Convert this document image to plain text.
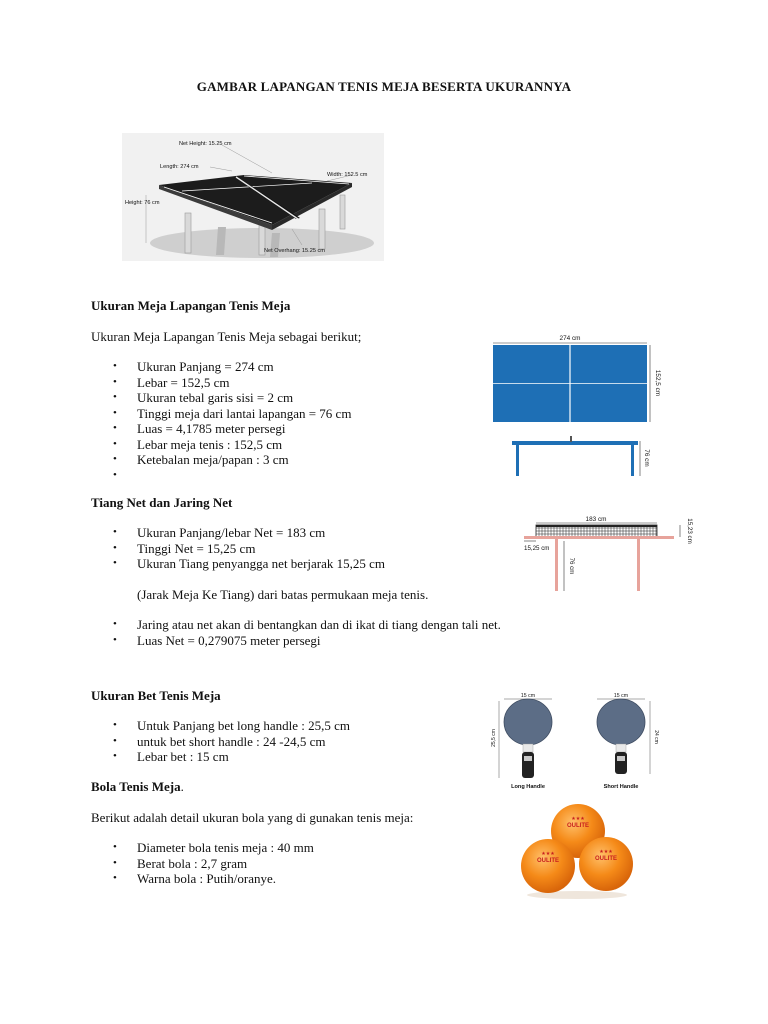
GAMBAR LAPANGAN TENIS MEJA BESERTA UKURANNYA
Net Height: 15.25 cm
Length: 274 cm
Width: 152.5 cm
Height: 76 cm
Net Overhang: 15.25 cm
Ukuran Meja Lapangan Tenis Meja
Ukuran Meja Lapangan Tenis Meja sebagai berikut;
• Ukuran Panjang = 274 cm
• Lebar = 152,5 cm
• Ukuran tebal garis sisi = 2 cm
• Tinggi meja dari lantai lapangan = 76 cm
• Luas = 4,1785 meter persegi
• Lebar meja tenis : 152,5 cm
• Ketebalan meja/papan : 3 cm
•
274 cm
152,5 cm
76 cm
Tiang Net dan Jaring Net
• Ukuran Panjang/lebar Net = 183 cm
• Tinggi Net = 15,25 cm
• Ukuran Tiang penyangga net berjarak 15,25 cm
(Jarak Meja Ke Tiang) dari batas permukaan meja tenis.
• Jaring atau net akan di bentangkan dan di ikat di tiang dengan tali net.
• Luas Net = 0,279075 meter persegi
183 cm	15,23 cm
15,25 cm
76 cm
Ukuran Bet Tenis Meja
• Untuk Panjang bet long handle : 25,5 cm
• untuk bet short handle : 24 -24,5 cm
• Lebar bet : 15 cm
15 cm
25,5 cm
Long Handle
15 cm
24 cm
Short Handle
Bola Tenis Meja.
Berikut adalah detail ukuran bola yang di gunakan tenis meja:
• Diameter bola tenis meja : 40 mm
• Berat bola : 2,7 gram
• Warna bola : Putih/oranye.
★★★
OULITE
★★★
OULITE
★★★
OULITE
